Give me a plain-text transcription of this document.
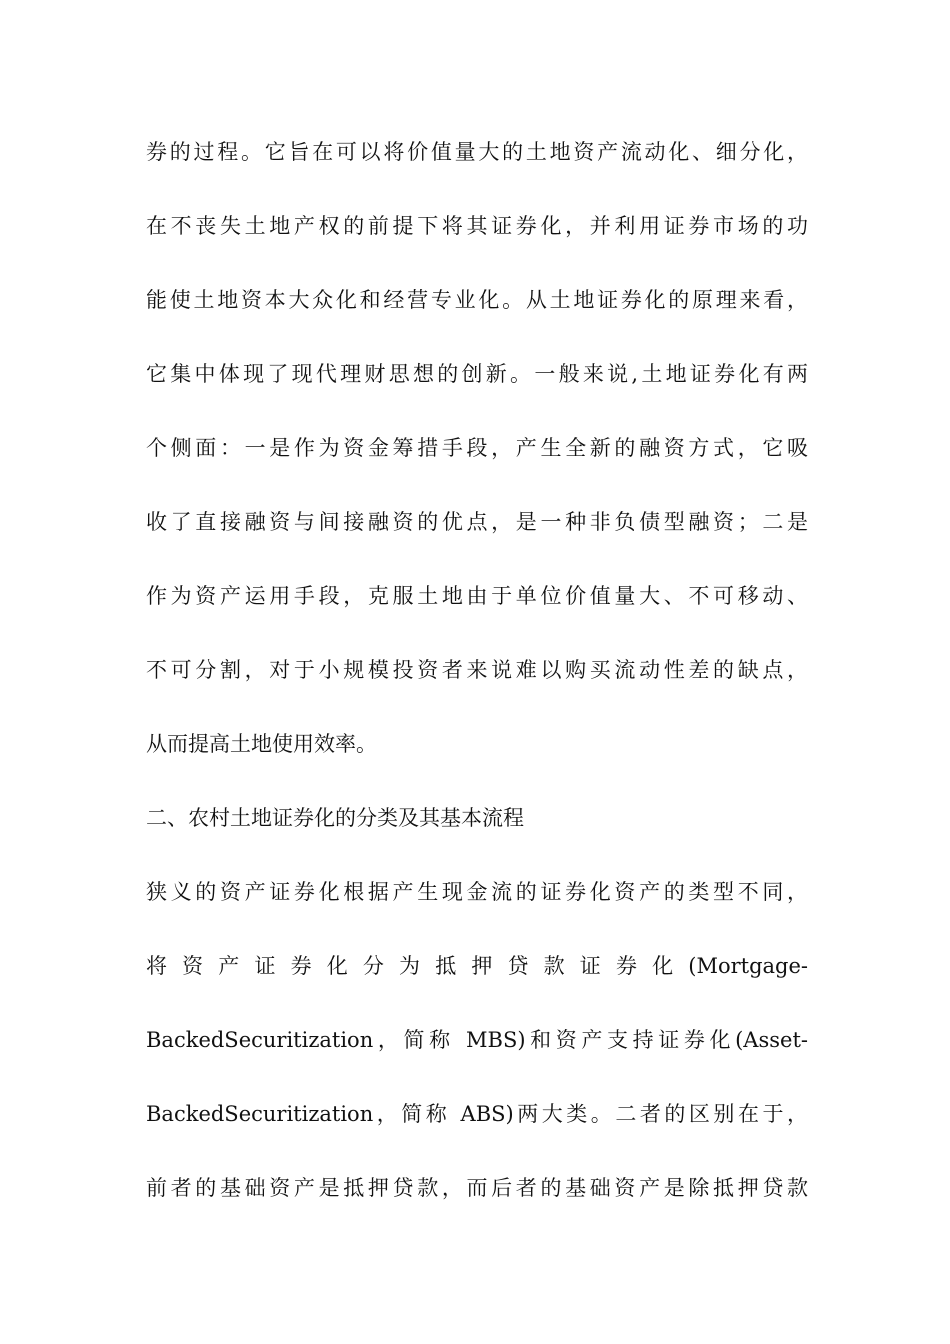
券的过程。它旨在可以将价值量大的土地资产流动化、细分化，
在不丧失土地产权的前提下将其证券化，并利用证券市场的功
能使土地资本大众化和经营专业化。从土地证券化的原理来看，
它集中体现了现代理财思想的创新。一般来说,土地证券化有两
个侧面：一是作为资金筹措手段，产生全新的融资方式，它吸
收了直接融资与间接融资的优点，是一种非负债型融资；二是
作为资产运用手段，克服土地由于单位价值量大、不可移动、
不可分割，对于小规模投资者来说难以购买流动性差的缺点，
从而提高土地使用效率。
二、农村土地证券化的分类及其基本流程
狭义的资产证券化根据产生现金流的证券化资产的类型不同，
将 资 产 证 券 化 分 为 抵 押 贷 款 证 券 化 (Mortgage-
BackedSecuritization，简称 MBS)和资产支持证券化(Asset-
BackedSecuritization，简称 ABS)两大类。二者的区别在于，
前者的基础资产是抵押贷款，而后者的基础资产是除抵押贷款
